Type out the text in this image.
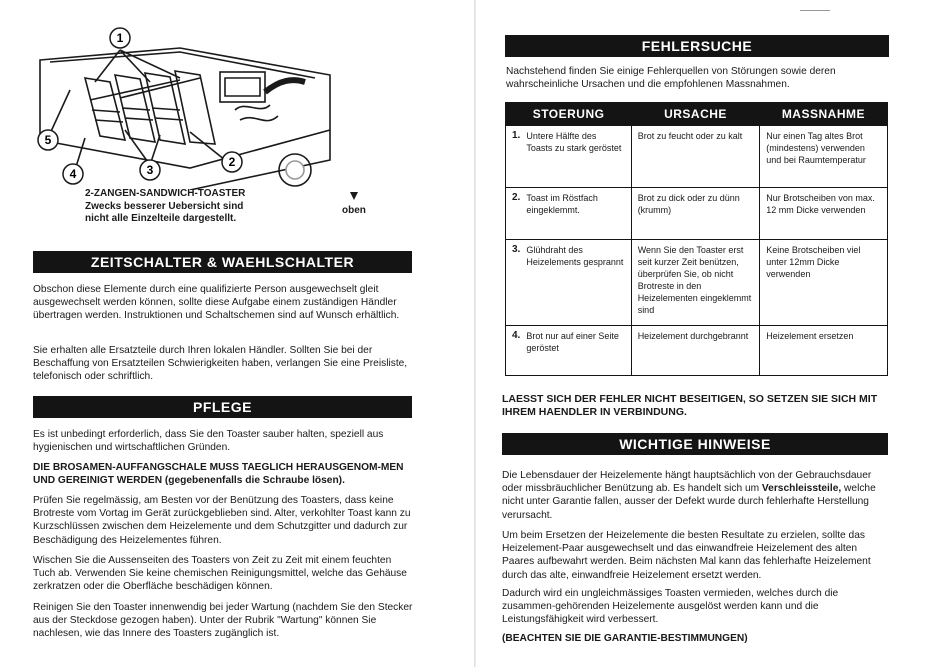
1
2
3
4
5
2-ZANGEN-SANDWICH-TOASTER
Zwecks besserer Uebersicht sind
nicht alle Einzelteile dargestellt.
oben
ZEITSCHALTER & WAEHLSCHALTER

Obschon diese Elemente durch eine qualifizierte Person ausgewechselt gleit ausgewechselt werden können, sollte diese Aufgabe einem zuständigen Händler übertragen werden. Instruktionen und Schaltschemen sind auf Wunsch erhältlich.

Sie erhalten alle Ersatzteile durch Ihren lokalen Händler. Sollten Sie bei der Beschaffung von Ersatzteilen Schwierigkeiten haben, verlangen Sie eine Preisliste, telefonisch oder schriftlich.

PFLEGE

Es ist unbedingt erforderlich, dass Sie den Toaster sauber halten, speziell aus hygienischen und wirtschaftlichen Gründen.

DIE BROSAMEN-AUFFANGSCHALE MUSS TAEGLICH HERAUSGENOM-MEN UND GEREINIGT WERDEN (gegebenenfalls die Schraube lösen).

Prüfen Sie regelmässig, am Besten vor der Benützung des Toasters, dass keine Brotreste vom Vortag im Gerät zurückgeblieben sind. Alter, verkohlter Toast kann zu Kurzschlüssen zwischen dem Heizelemente und dem Schutzgitter und dadurch zur Beschädigung des Heizelementes führen.

Wischen Sie die Aussenseiten des Toasters von Zeit zu Zeit mit einem feuchten Tuch ab. Verwenden Sie keine chemischen Reinigungsmittel, welche das Gehäuse zerkratzen oder die Oberfläche beschädigen können.

Reinigen Sie den Toaster innenwendig bei jeder Wartung (nachdem Sie den Stecker aus der Steckdose gezogen haben). Unter der Rubrik "Wartung" können Sie nachlesen, wie das Innere des Toasters zugänglich ist.

FEHLERSUCHE

Nachstehend finden Sie einige Fehlerquellen von Störungen sowie deren wahrscheinliche Ursachen und die empfohlenen Massnahmen.

STOERUNG	URSACHE	MASSNAHME

1. Untere Hälfte des Toasts zu stark geröstet	Brot zu feucht oder zu kalt	Nur einen Tag altes Brot (mindestens) verwenden und bei Raumtemperatur

2. Toast im Röstfach eingeklemmt.	Brot zu dick oder zu dünn (krumm)	Nur Brotscheiben von max. 12 mm Dicke verwenden

3. Glühdraht des Heizelements gesprannt	Wenn Sie den Toaster erst seit kurzer Zeit benützen, überprüfen Sie, ob nicht Brotreste in den Heizelementen eingeklemmt sind	Keine Brotscheiben viel unter 12mm Dicke verwenden

4. Brot nur auf einer Seite geröstet	Heizelement durchgebrannt	Heizelement ersetzen

LAESST SICH DER FEHLER NICHT BESEITIGEN, SO SETZEN SIE SICH MIT IHREM HAENDLER IN VERBINDUNG.

WICHTIGE HINWEISE

Die Lebensdauer der Heizelemente hängt hauptsächlich von der Gebrauchsdauer oder missbräuchlicher Benützung ab. Es handelt sich um Verschleissteile, welche nicht unter Garantie fallen, ausser der Defekt wurde durch fehlerhafte Herstellung verursacht.

Um beim Ersetzen der Heizelemente die besten Resultate zu erzielen, sollte das Heizelement-Paar ausgewechselt und das einwandfreie Heizelement des alten Paares aufbewahrt werden. Beim nächsten Mal kann das fehlerhafte Heizelement durch das alte, einwandfreie Heizelement ersetzt werden.

Dadurch wird ein ungleichmässiges Toasten vermieden, welches durch die zusammen-gehörenden Heizelemente ausgelöst werden kann und die Leistungsfähigkeit wird verbessert.

(BEACHTEN SIE DIE GARANTIE-BESTIMMUNGEN)
